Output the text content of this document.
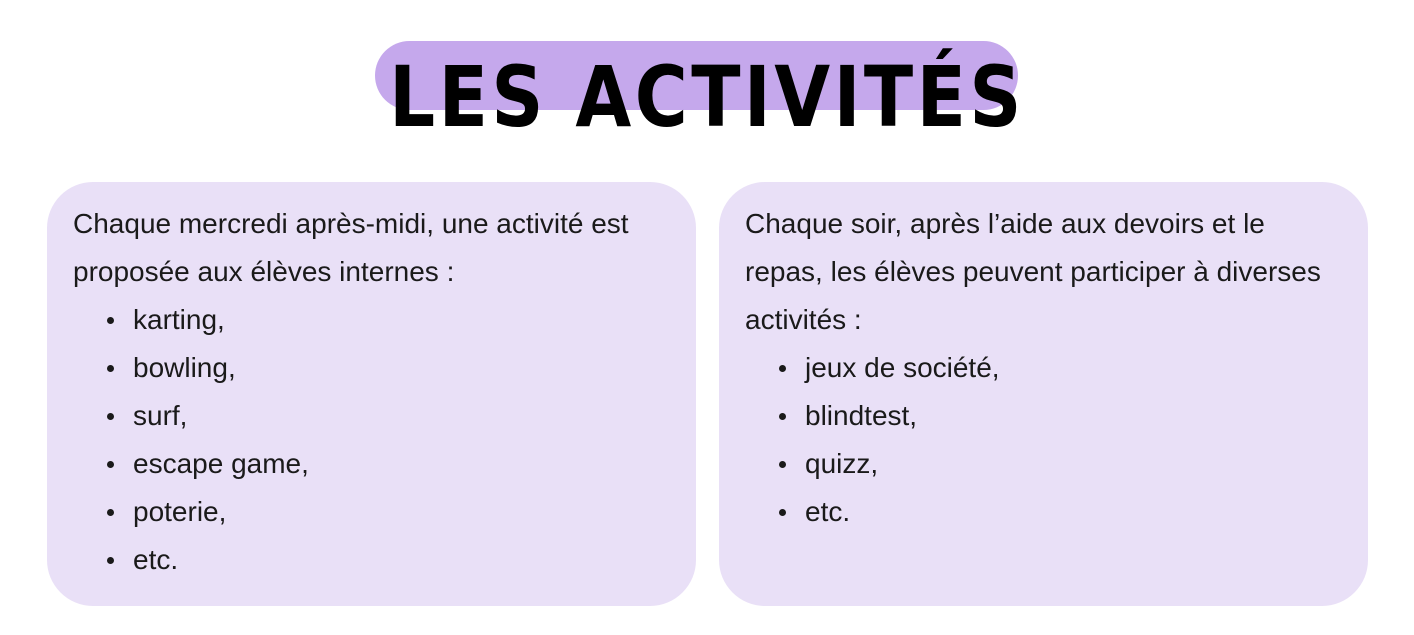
LES ACTIVITÉS

Chaque mercredi après-midi, une activité est proposée aux élèves internes :

karting,
bowling,
surf,
escape game,
poterie,
etc.

Chaque soir, après l’aide aux devoirs et le repas, les élèves peuvent participer à diverses activités :

jeux de société,
blindtest,
quizz,
etc.
